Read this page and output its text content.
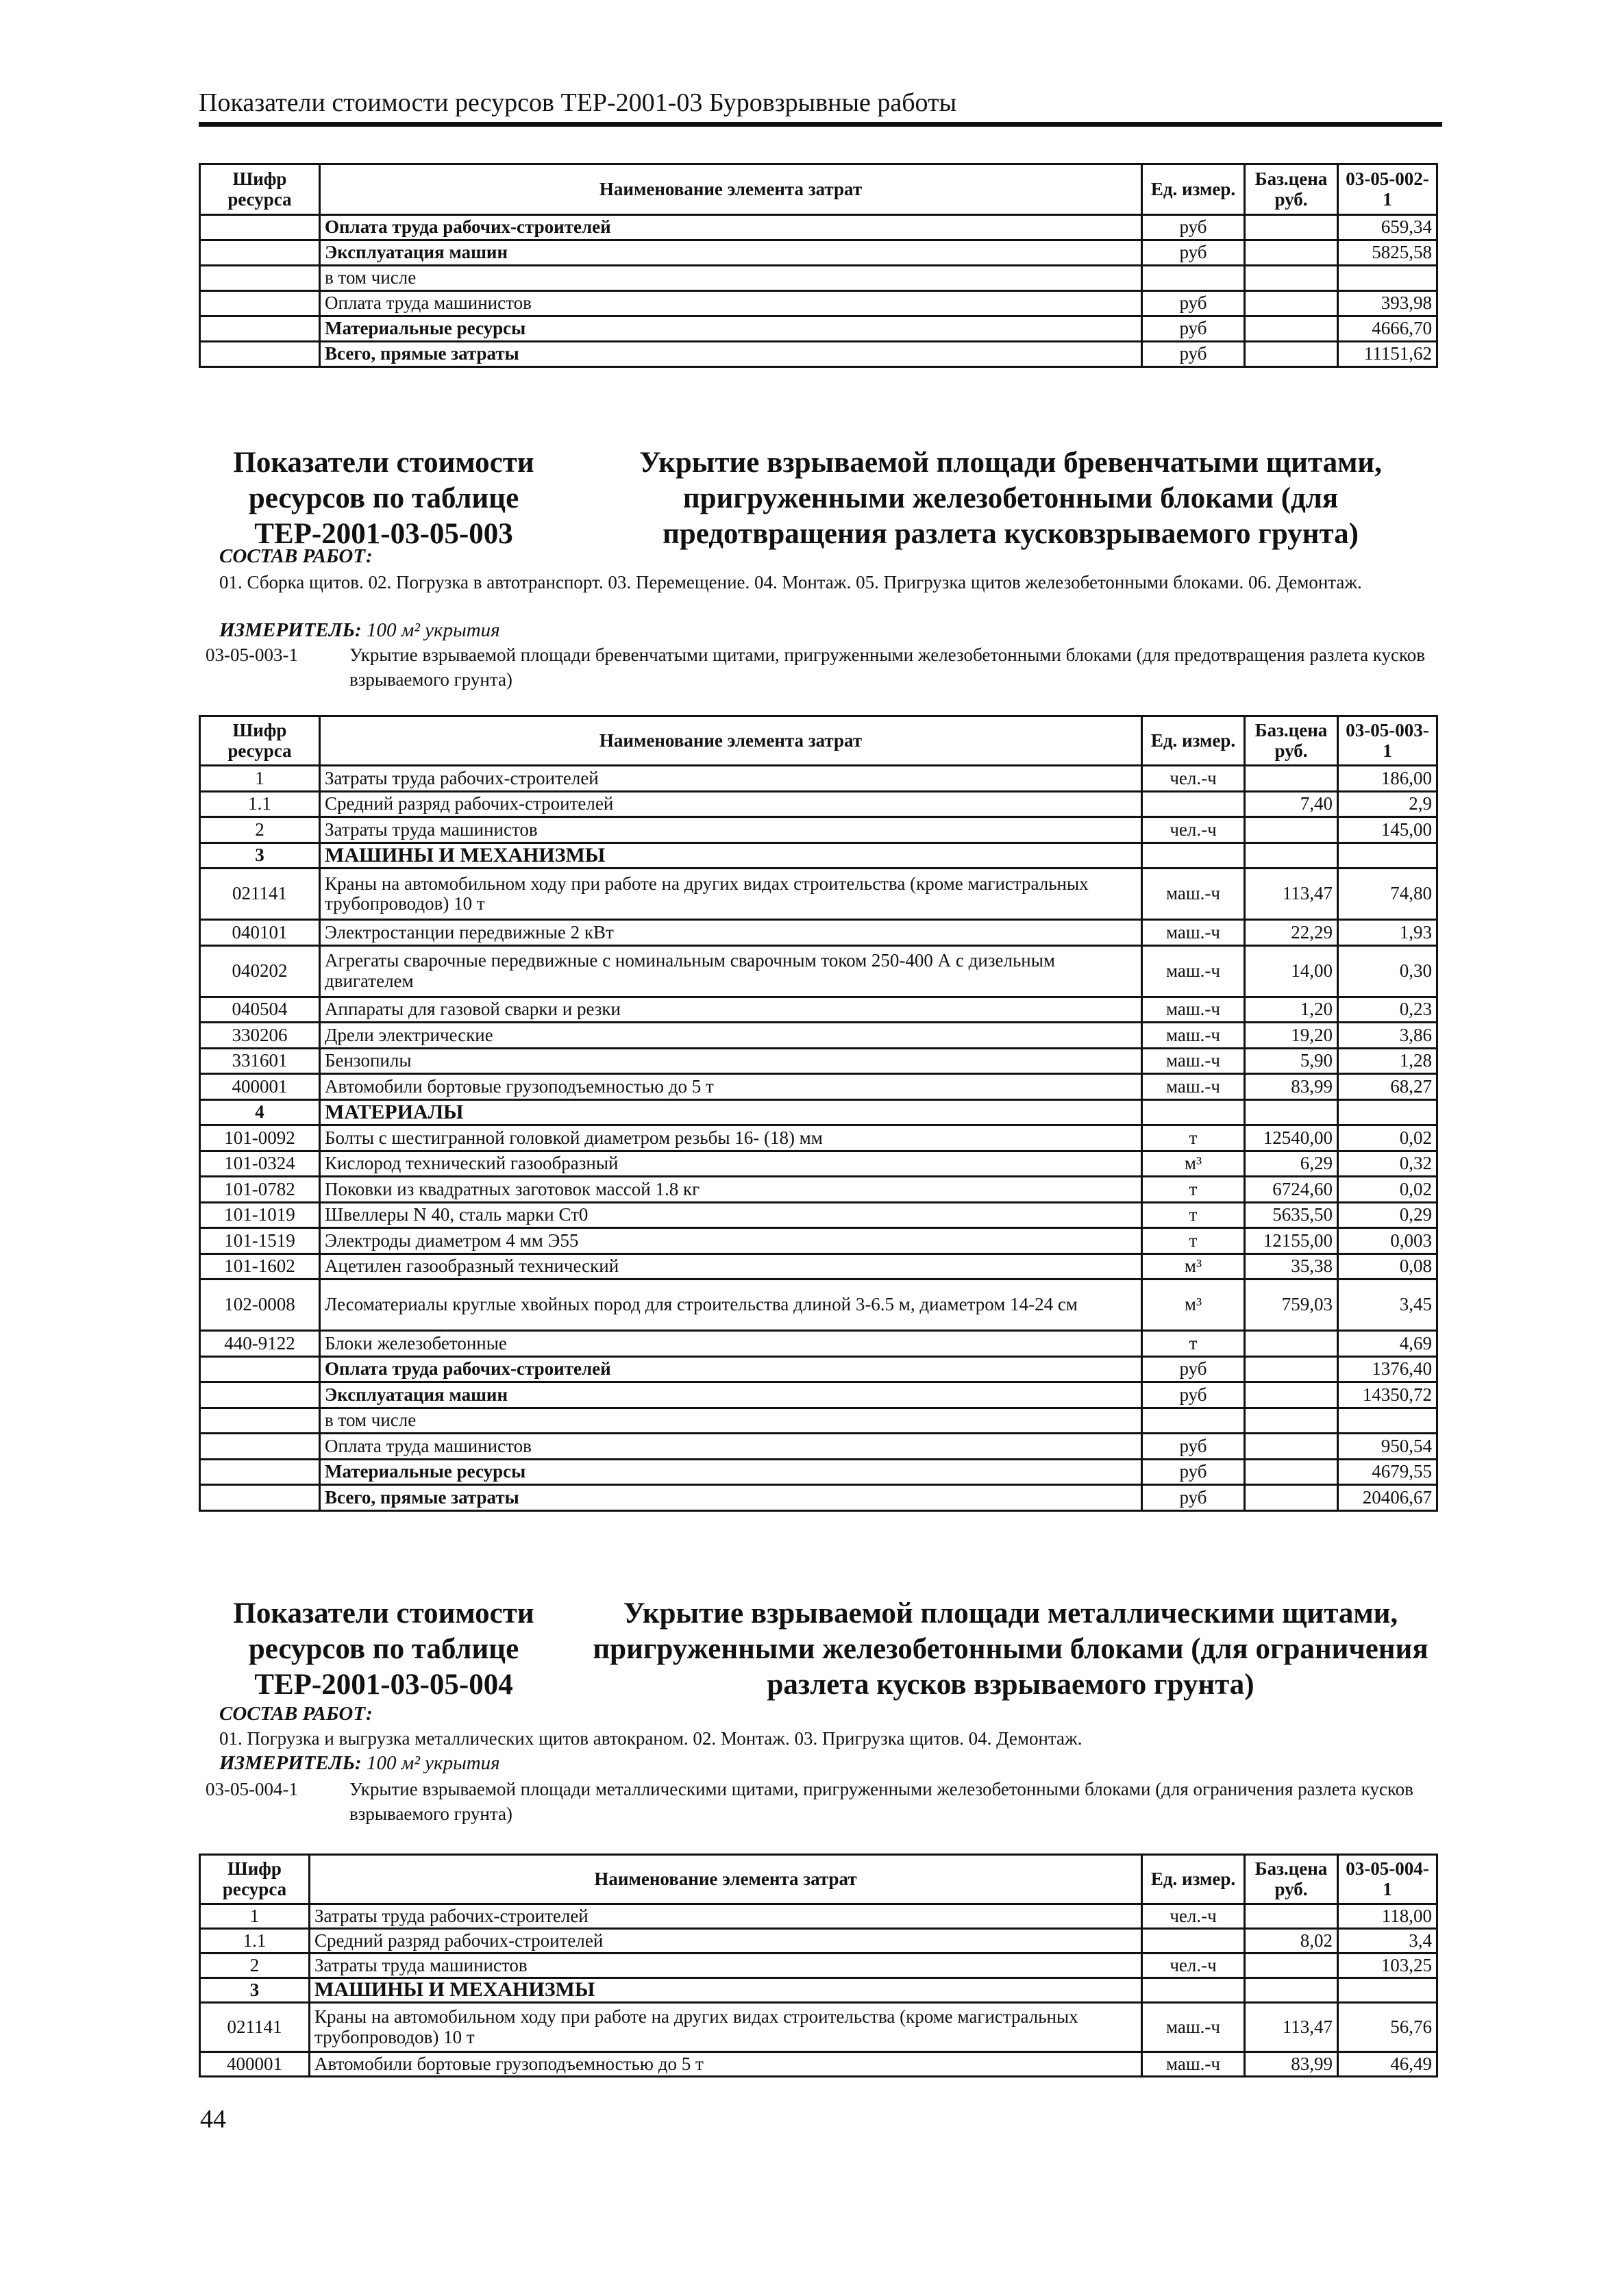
Показатели стоимости ресурсов ТЕР-2001-03 Буровзрывные работы
Шифр ресурса	Наименование элемента затрат	Ед. измер.	Баз.цена руб.	03-05-002-1
	Оплата труда рабочих-строителей	руб		659,34
	Эксплуатация машин	руб		5825,58
	в том числе			
	Оплата труда машинистов	руб		393,98
	Материальные ресурсы	руб		4666,70
	Всего, прямые затраты	руб		11151,62
Показатели стоимости ресурсов по таблице ТЕР-2001-03-05-003
Укрытие взрываемой площади бревенчатыми щитами, пригруженными железобетонными блоками (для предотвращения разлета кусковзрываемого грунта)
СОСТАВ РАБОТ:
01. Сборка щитов. 02. Погрузка в автотранспорт. 03. Перемещение. 04. Монтаж. 05. Пригрузка щитов железобетонными блоками. 06. Демонтаж.
ИЗМЕРИТЕЛЬ: 100 м² укрытия
03-05-003-1	Укрытие взрываемой площади бревенчатыми щитами, пригруженными железобетонными блоками (для предотвращения разлета кусков взрываемого грунта)
Шифр ресурса	Наименование элемента затрат	Ед. измер.	Баз.цена руб.	03-05-003-1
1	Затраты труда рабочих-строителей	чел.-ч		186,00
1.1	Средний разряд рабочих-строителей		7,40	2,9
2	Затраты труда машинистов	чел.-ч		145,00
3	МАШИНЫ И МЕХАНИЗМЫ			
021141	Краны на автомобильном ходу при работе на других видах строительства (кроме магистральных трубопроводов) 10 т	маш.-ч	113,47	74,80
040101	Электростанции передвижные 2 кВт	маш.-ч	22,29	1,93
040202	Агрегаты сварочные передвижные с номинальным сварочным током 250-400 А с дизельным двигателем	маш.-ч	14,00	0,30
040504	Аппараты для газовой сварки и резки	маш.-ч	1,20	0,23
330206	Дрели электрические	маш.-ч	19,20	3,86
331601	Бензопилы	маш.-ч	5,90	1,28
400001	Автомобили бортовые грузоподъемностью до 5 т	маш.-ч	83,99	68,27
4	МАТЕРИАЛЫ			
101-0092	Болты с шестигранной головкой диаметром резьбы 16- (18) мм	т	12540,00	0,02
101-0324	Кислород технический газообразный	м³	6,29	0,32
101-0782	Поковки из квадратных заготовок массой 1.8 кг	т	6724,60	0,02
101-1019	Швеллеры N 40, сталь марки Ст0	т	5635,50	0,29
101-1519	Электроды диаметром 4 мм Э55	т	12155,00	0,003
101-1602	Ацетилен газообразный технический	м³	35,38	0,08
102-0008	Лесоматериалы круглые хвойных пород для строительства длиной 3-6.5 м, диаметром 14-24 см	м³	759,03	3,45
440-9122	Блоки железобетонные	т		4,69
	Оплата труда рабочих-строителей	руб		1376,40
	Эксплуатация машин	руб		14350,72
	в том числе			
	Оплата труда машинистов	руб		950,54
	Материальные ресурсы	руб		4679,55
	Всего, прямые затраты	руб		20406,67
Показатели стоимости ресурсов по таблице ТЕР-2001-03-05-004
Укрытие взрываемой площади металлическими щитами, пригруженными железобетонными блоками (для ограничения разлета кусков взрываемого грунта)
СОСТАВ РАБОТ:
01. Погрузка и выгрузка металлических щитов автокраном. 02. Монтаж. 03. Пригрузка щитов. 04. Демонтаж.
ИЗМЕРИТЕЛЬ: 100 м² укрытия
03-05-004-1	Укрытие взрываемой площади металлическими щитами, пригруженными железобетонными блоками (для ограничения разлета кусков взрываемого грунта)
Шифр ресурса	Наименование элемента затрат	Ед. измер.	Баз.цена руб.	03-05-004-1
1	Затраты труда рабочих-строителей	чел.-ч		118,00
1.1	Средний разряд рабочих-строителей		8,02	3,4
2	Затраты труда машинистов	чел.-ч		103,25
3	МАШИНЫ И МЕХАНИЗМЫ			
021141	Краны на автомобильном ходу при работе на других видах строительства (кроме магистральных трубопроводов) 10 т	маш.-ч	113,47	56,76
400001	Автомобили бортовые грузоподъемностью до 5 т	маш.-ч	83,99	46,49
44
